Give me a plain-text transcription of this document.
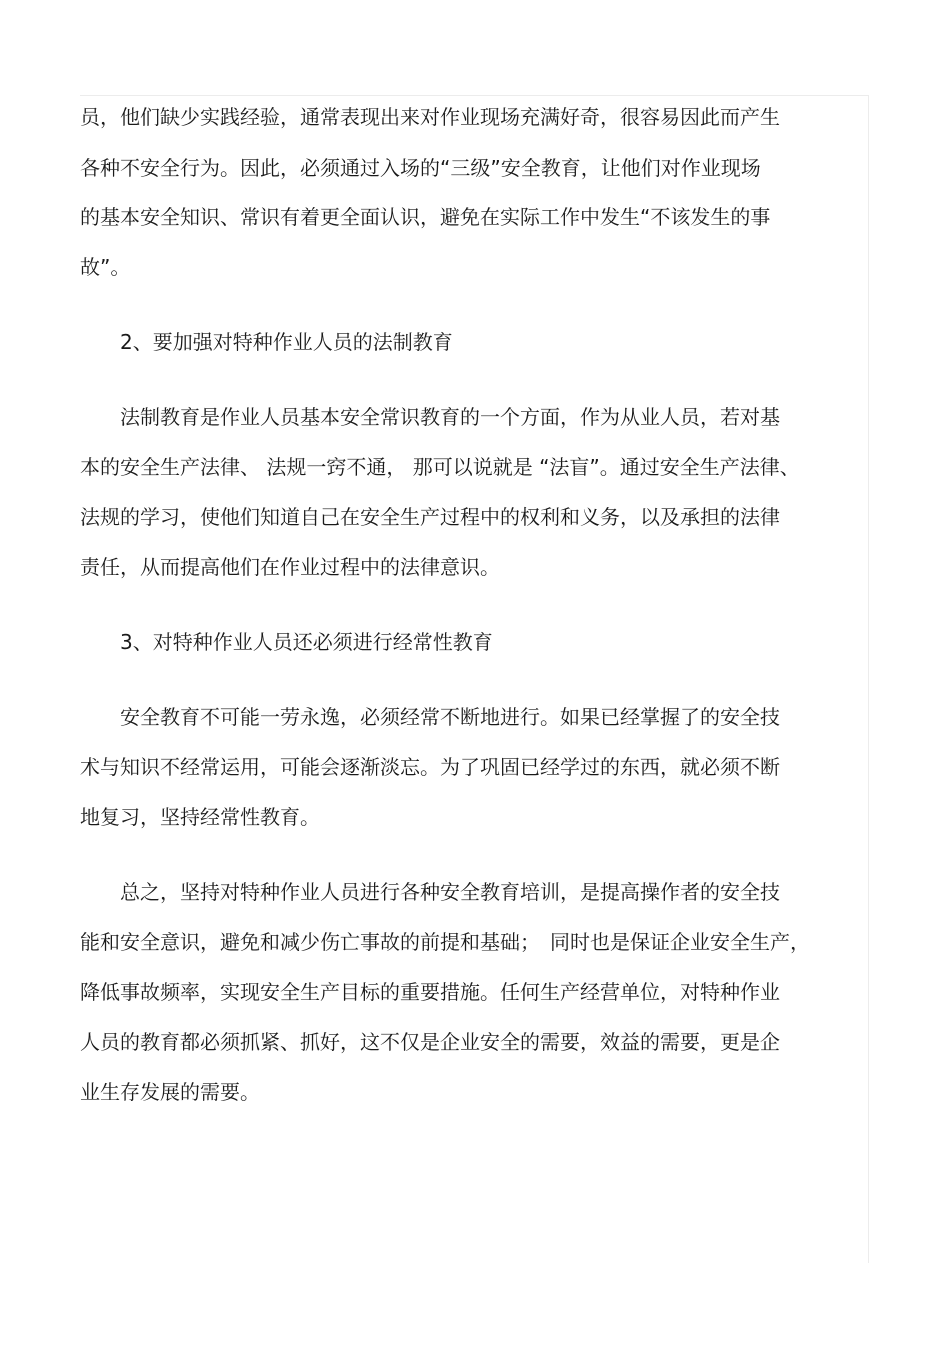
员，他们缺少实践经验，通常表现出来对作业现场充满好奇，很容易因此而产生

各种不安全行为。因此，必须通过入场的“三级”安全教育，让他们对作业现场

的基本安全知识、常识有着更全面认识，避免在实际工作中发生“不该发生的事

故”。

2、要加强对特种作业人员的法制教育

法制教育是作业人员基本安全常识教育的一个方面，作为从业人员，若对基

本的安全生产法律、 法规一窍不通， 那可以说就是 “法盲”。通过安全生产法律、

法规的学习，使他们知道自己在安全生产过程中的权利和义务，以及承担的法律

责任，从而提高他们在作业过程中的法律意识。

3、对特种作业人员还必须进行经常性教育

安全教育不可能一劳永逸，必须经常不断地进行。如果已经掌握了的安全技

术与知识不经常运用，可能会逐渐淡忘。为了巩固已经学过的东西，就必须不断

地复习，坚持经常性教育。

总之，坚持对特种作业人员进行各种安全教育培训，是提高操作者的安全技

能和安全意识，避免和减少伤亡事故的前提和基础；　同时也是保证企业安全生产，

降低事故频率，实现安全生产目标的重要措施。任何生产经营单位，对特种作业

人员的教育都必须抓紧、抓好，这不仅是企业安全的需要，效益的需要，更是企

业生存发展的需要。
